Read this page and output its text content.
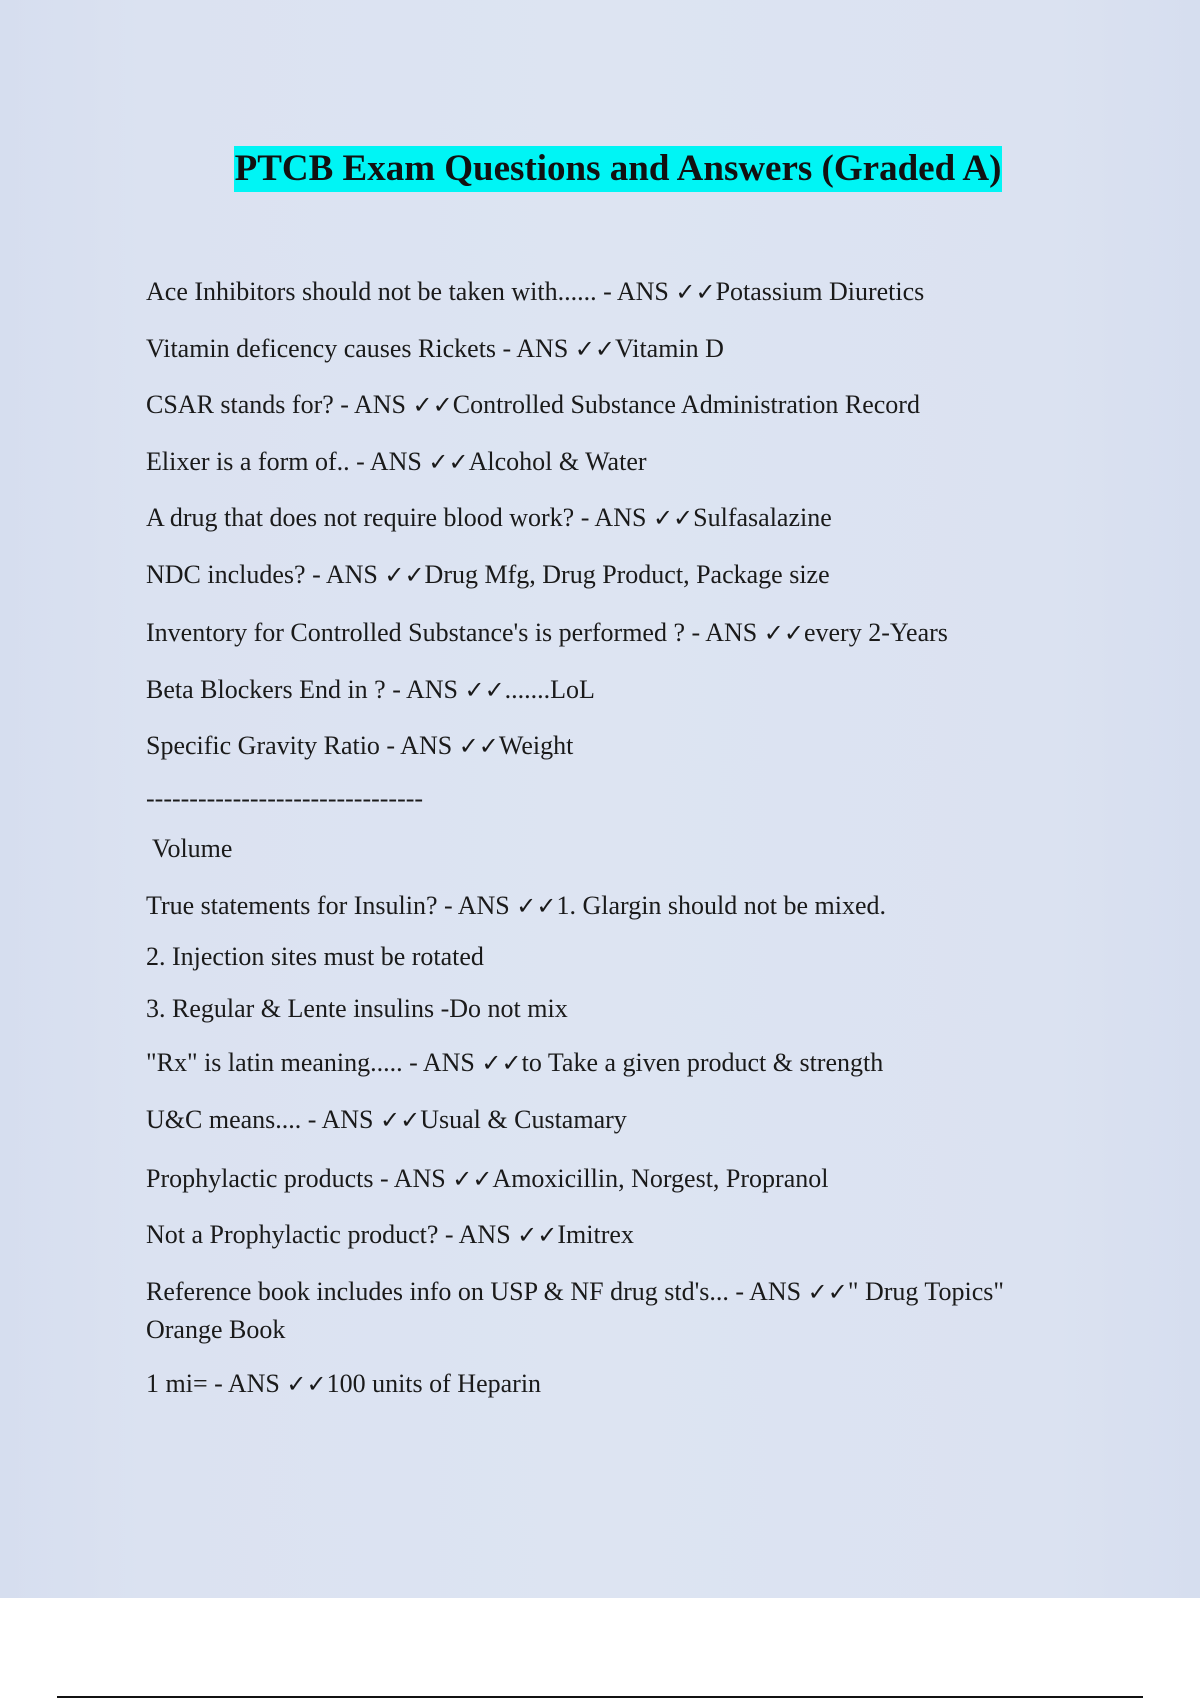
PTCB Exam Questions and Answers (Graded A)

Ace Inhibitors should not be taken with...... - ANS ✓✓Potassium Diuretics

Vitamin deficency causes Rickets - ANS ✓✓Vitamin D

CSAR stands for? - ANS ✓✓Controlled Substance Administration Record

Elixer is a form of.. - ANS ✓✓Alcohol & Water

A drug that does not require blood work? - ANS ✓✓Sulfasalazine

NDC includes? - ANS ✓✓Drug Mfg, Drug Product, Package size

Inventory for Controlled Substance's is performed ? - ANS ✓✓every 2-Years

Beta Blockers End in ? - ANS ✓✓.......LoL

Specific Gravity Ratio - ANS ✓✓Weight

--------------------------------

Volume

True statements for Insulin? - ANS ✓✓1. Glargin should not be mixed.

2. Injection sites must be rotated

3. Regular & Lente insulins -Do not mix

"Rx" is latin meaning..... - ANS ✓✓to Take a given product & strength

U&C means.... - ANS ✓✓Usual & Custamary

Prophylactic products - ANS ✓✓Amoxicillin, Norgest, Propranol

Not a Prophylactic product? - ANS ✓✓Imitrex

Reference book includes info on USP & NF drug std's... - ANS ✓✓" Drug Topics" Orange Book

1 mi= - ANS ✓✓100 units of Heparin
